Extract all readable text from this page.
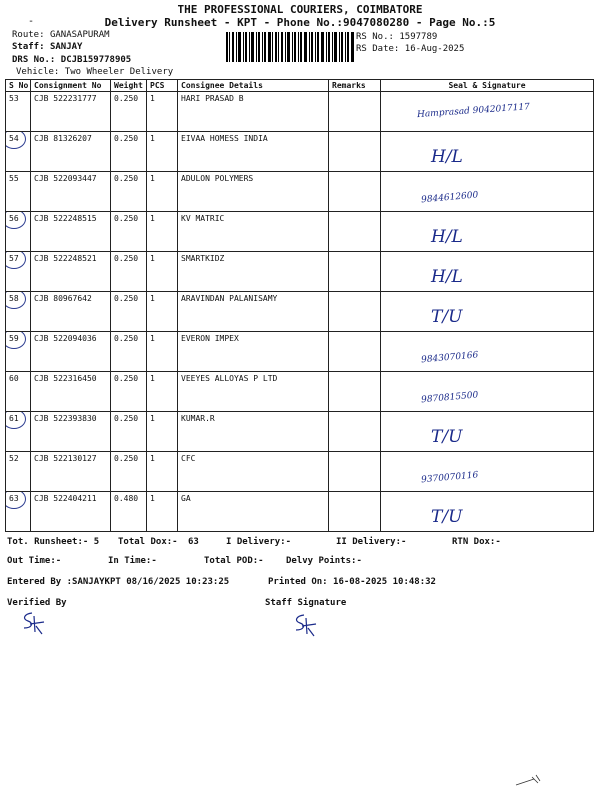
THE PROFESSIONAL COURIERS, COIMBATORE
Delivery Runsheet - KPT - Phone No.:9047080280 - Page No.:5
-
Route: GANASAPURAM
Staff: SANJAY
DRS No.: DCJB159778905
Vehicle: Two Wheeler Delivery
RS No.: 1597789
RS Date: 16-Aug-2025
S No	Consignment No	Weight	PCS	Consignee Details	Remarks	Seal & Signature
53	CJB 522231777	0.250	1	HARI PRASAD B		Hamprasad 9042017117

54	CJB 81326207	0.250	1	EIVAA HOMESS INDIA		H/L

55	CJB 522093447	0.250	1	ADULON POLYMERS		9844612600

56	CJB 522248515	0.250	1	KV MATRIC		H/L

57	CJB 522248521	0.250	1	SMARTKIDZ		H/L

58	CJB 80967642	0.250	1	ARAVINDAN PALANISAMY		T/U

59	CJB 522094036	0.250	1	EVERON IMPEX		9843070166

60	CJB 522316450	0.250	1	VEEYES ALLOYAS P LTD		9870815500

61	CJB 522393830	0.250	1	KUMAR.R		T/U

52	CJB 522130127	0.250	1	CFC		9370070116

63	CJB 522404211	0.480	1	GA		T/U
Tot. Runsheet:- 5 Total Dox:- 63	I Delivery:-	II Delivery:-	RTN Dox:-
Out Time:-	In Time:-	Total POD:- Delvy Points:-
Entered By :SANJAYKPT 08/16/2025 10:23:25	Printed On: 16-08-2025 10:48:32
Verified By	Staff Signature
